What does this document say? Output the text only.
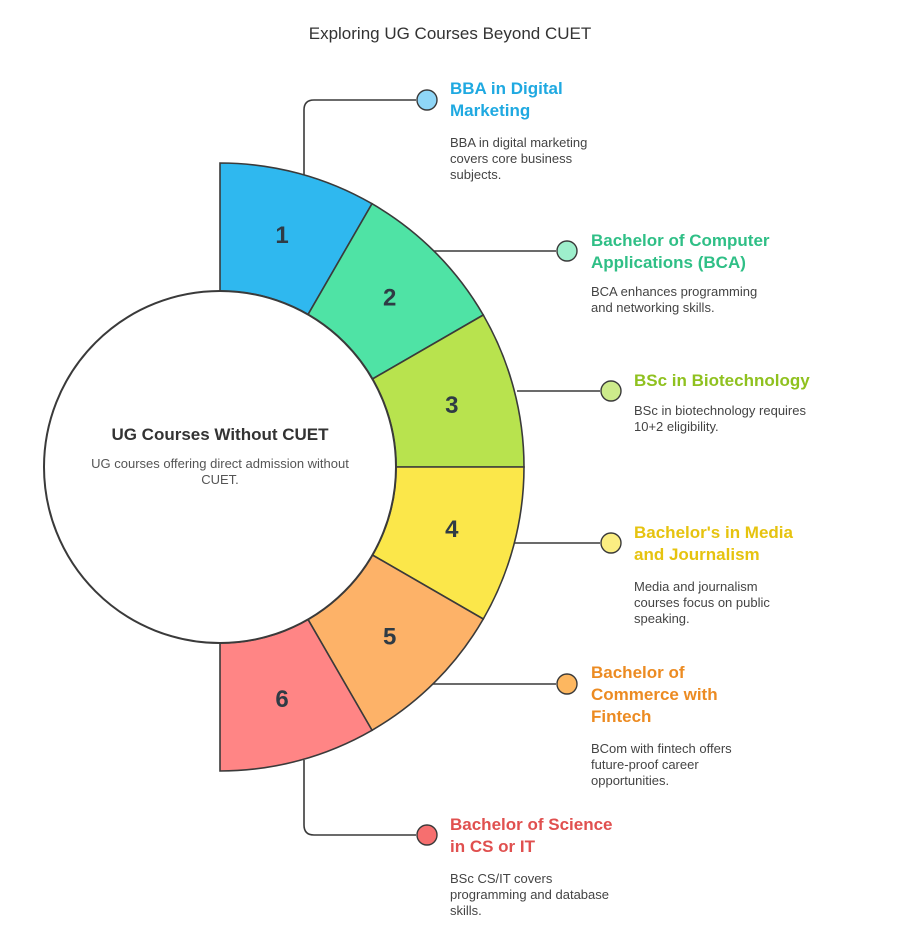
1
2
3
4
5
6
Exploring UG Courses Beyond CUET

UG Courses Without CUET

UG courses offering direct admission without CUET.

BBA in Digital Marketing

BBA in digital marketing covers core business subjects.

Bachelor of Computer Applications (BCA)

BCA enhances programming and networking skills.

BSc in Biotechnology

BSc in biotechnology requires 10+2 eligibility.

Bachelor's in Media and Journalism

Media and journalism courses focus on public speaking.

Bachelor of Commerce with Fintech

BCom with fintech offers future-proof career opportunities.

Bachelor of Science in CS or IT

BSc CS/IT covers programming and database skills.
